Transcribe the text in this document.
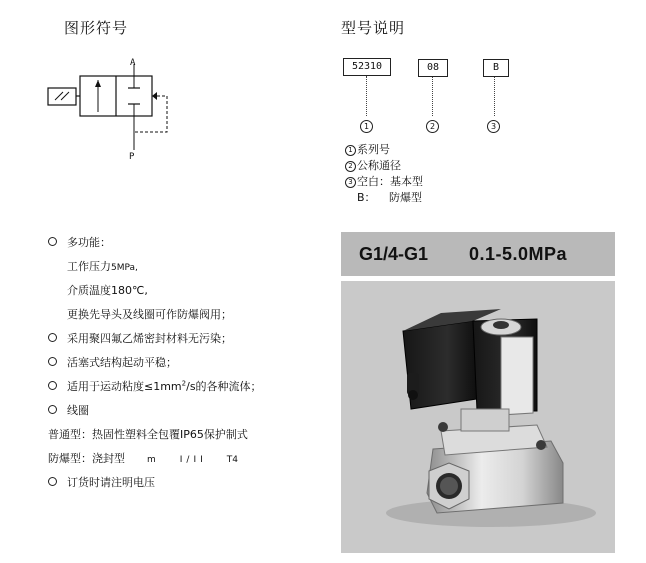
图形符号
A
P
型号说明
52310	08	B
1	2	3
1 系列号
2 公称通径
3 空白：基本型
B： 防爆型
多功能：
工作压力5MPa,
介质温度180℃,
更换先导头及线圈可作防爆阀用；
采用聚四氟乙烯密封材料无污染；
活塞式结构起动平稳；
适用于运动粘度$\le 1mm^2/s$的各种流体；
线圈
普通型：热固性塑料全包覆IP65保护制式
防爆型：浇封型 m	I/II T4
订货时请注明电压
G1/4-G1 0.1-5.0MPa
